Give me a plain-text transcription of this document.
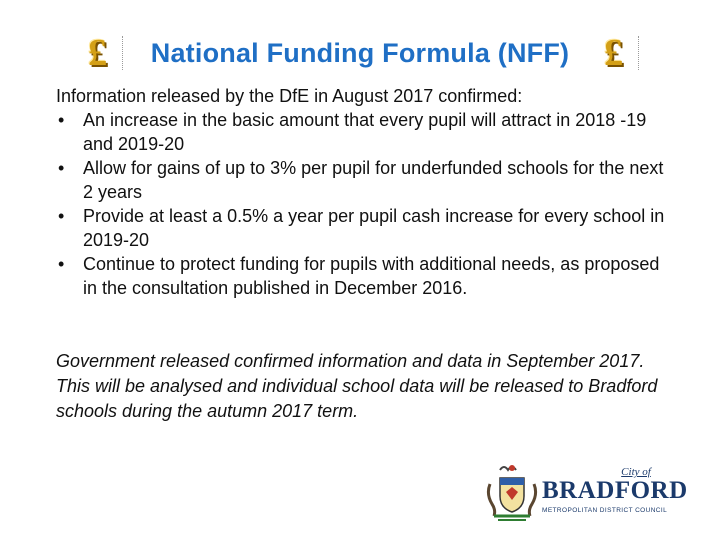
£	National Funding Formula (NFF) £
Information released by the DfE in August 2017 confirmed:
• An increase in the basic amount that every pupil will attract in 2018 -19 and 2019-20
• Allow for gains of up to 3% per pupil for underfunded schools for the next 2 years
• Provide at least a 0.5% a year per pupil cash increase for every school in 2019-20
• Continue to protect funding for pupils with additional needs, as proposed in the consultation published in December 2016.
Government released confirmed information and data in September 2017. This will be analysed and individual school data will be released to Bradford schools during the autumn 2017 term.
City of
BRADFORD
METROPOLITAN DISTRICT COUNCIL
